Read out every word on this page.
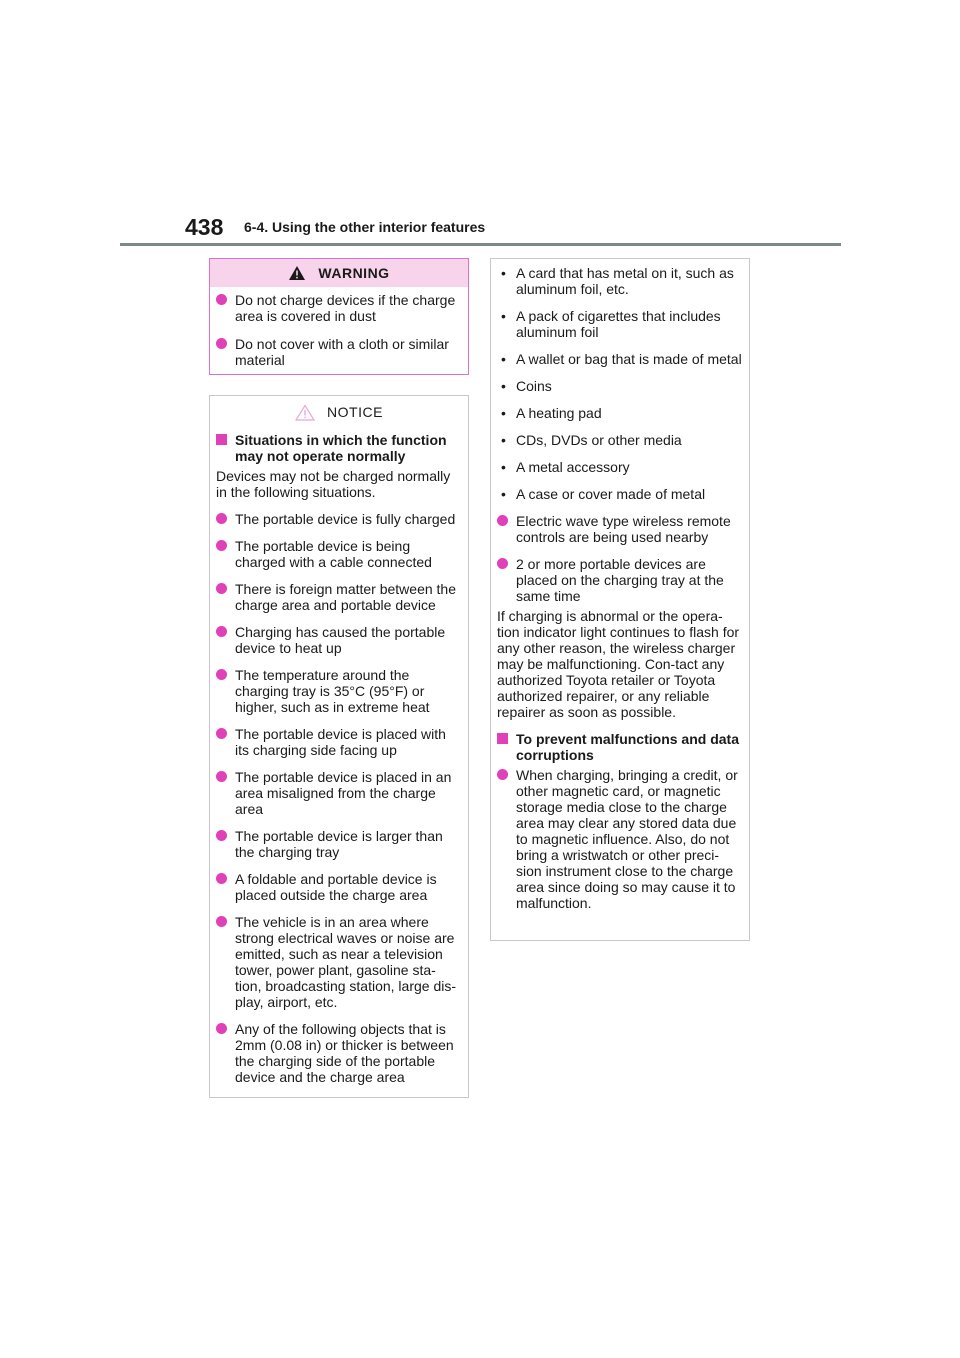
438 6-4. Using the other interior features
WARNING
Do not charge devices if the charge area is covered in dust
Do not cover with a cloth or similar material
NOTICE
Situations in which the function may not operate normally
Devices may not be charged normally in the following situations.
The portable device is fully charged
The portable device is being charged with a cable connected
There is foreign matter between the charge area and portable device
Charging has caused the portable device to heat up
The temperature around the charging tray is 35°C (95°F) or higher, such as in extreme heat
The portable device is placed with its charging side facing up
The portable device is placed in an area misaligned from the charge area
The portable device is larger than the charging tray
A foldable and portable device is placed outside the charge area
The vehicle is in an area where strong electrical waves or noise are emitted, such as near a television tower, power plant, gasoline sta-tion, broadcasting station, large dis-play, airport, etc.
Any of the following objects that is 2mm (0.08 in) or thicker is between the charging side of the portable device and the charge area
• A card that has metal on it, such as aluminum foil, etc.
• A pack of cigarettes that includes aluminum foil
• A wallet or bag that is made of metal
• Coins
• A heating pad
• CDs, DVDs or other media
• A metal accessory
• A case or cover made of metal
Electric wave type wireless remote controls are being used nearby
2 or more portable devices are placed on the charging tray at the same time
If charging is abnormal or the opera-tion indicator light continues to flash for any other reason, the wireless charger may be malfunctioning. Con-tact any authorized Toyota retailer or Toyota authorized repairer, or any reliable repairer as soon as possible.
To prevent malfunctions and data corruptions
When charging, bringing a credit, or other magnetic card, or magnetic storage media close to the charge area may clear any stored data due to magnetic influence. Also, do not bring a wristwatch or other preci-sion instrument close to the charge area since doing so may cause it to malfunction.
